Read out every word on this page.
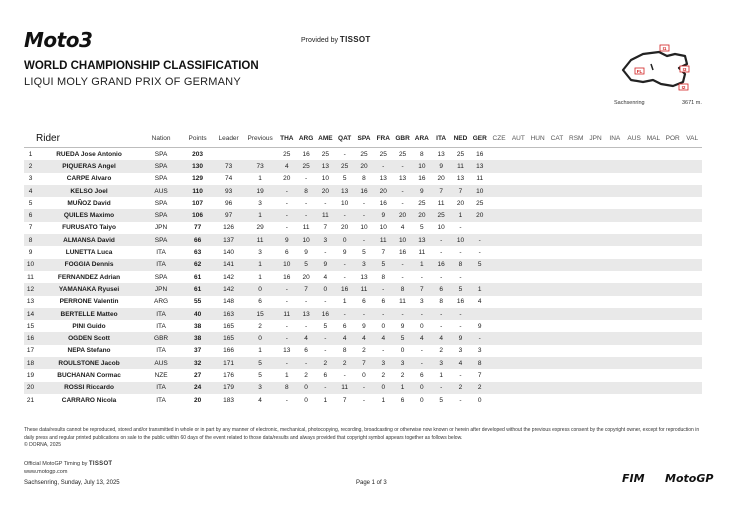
Moto3	Provided by TISSOT
WORLD CHAMPIONSHIP CLASSIFICATION
LIQUI MOLY GRAND PRIX OF GERMANY
I1
FL	I3
I2
Sachsenring	3671 m.
Rider		Nation	Points	Leader	Previous	THA	ARG	AME	QAT	SPA	FRA	GBR	ARA	ITA	NED	GER	CZE	AUT	HUN	CAT	RSM	JPN	INA	AUS	MAL	POR	VAL
1	RUEDA Jose Antonio	SPA	203			25	16	25	-	25	25	25	8	13	25	16											
2	PIQUERAS Angel	SPA	130	73	73	4	25	13	25	20	-	-	10	9	11	13											
3	CARPE Alvaro	SPA	129	74	1	20	-	10	5	8	13	13	16	20	13	11											
4	KELSO Joel	AUS	110	93	19	-	8	20	13	16	20	-	9	7	7	10											
5	MUÑOZ David	SPA	107	96	3	-	-	-	10	-	16	-	25	11	20	25											
6	QUILES Maximo	SPA	106	97	1	-	-	11	-	-	9	20	20	25	1	20											
7	FURUSATO Taiyo	JPN	77	126	29	-	11	7	20	10	10	4	5	10	-												
8	ALMANSA David	SPA	66	137	11	9	10	3	0	-	11	10	13	-	10	-											
9	LUNETTA Luca	ITA	63	140	3	6	9	-	9	5	7	16	11	-	-	-											
10	FOGGIA Dennis	ITA	62	141	1	10	5	9	-	3	5	-	1	16	8	5											
11	FERNANDEZ Adrian	SPA	61	142	1	16	20	4	-	13	8	-	-	-	-												
12	YAMANAKA Ryusei	JPN	61	142	0	-	7	0	16	11	-	8	7	6	5	1											
13	PERRONE Valentin	ARG	55	148	6	-	-	-	1	6	6	11	3	8	16	4											
14	BERTELLE Matteo	ITA	40	163	15	11	13	16	-	-	-	-	-	-	-												
15	PINI Guido	ITA	38	165	2	-	-	5	6	9	0	9	0	-	-	9											
16	OGDEN Scott	GBR	38	165	0	-	4	-	4	4	4	5	4	4	9	-											
17	NEPA Stefano	ITA	37	166	1	13	6	-	8	2	-	0	-	2	3	3											
18	ROULSTONE Jacob	AUS	32	171	5	-	-	2	2	7	3	3	-	3	4	8											
19	BUCHANAN Cormac	NZE	27	176	5	1	2	6	-	0	2	2	6	1	-	7											
20	ROSSI Riccardo	ITA	24	179	3	8	0	-	11	-	0	1	0	-	2	2											
21	CARRARO Nicola	ITA	20	183	4	-	0	1	7	-	1	6	0	5	-	0											
These data/results cannot be reproduced, stored and/or transmitted in whole or in part by any manner of electronic, mechanical, photocopying, recording, broadcasting or otherwise now known or herein after developed without the previous express consent by the copyright owner, except for reproduction in daily press and regular printed publications on sale to the public within 60 days of the event related to those data/results and always provided that copyright symbol appears together as follows below.
© DORNA, 2025
Official MotoGP Timing by TISSOT
www.motogp.com
Sachsenring, Sunday, July 13, 2025	Page 1 of 3	FIM MotoGP
